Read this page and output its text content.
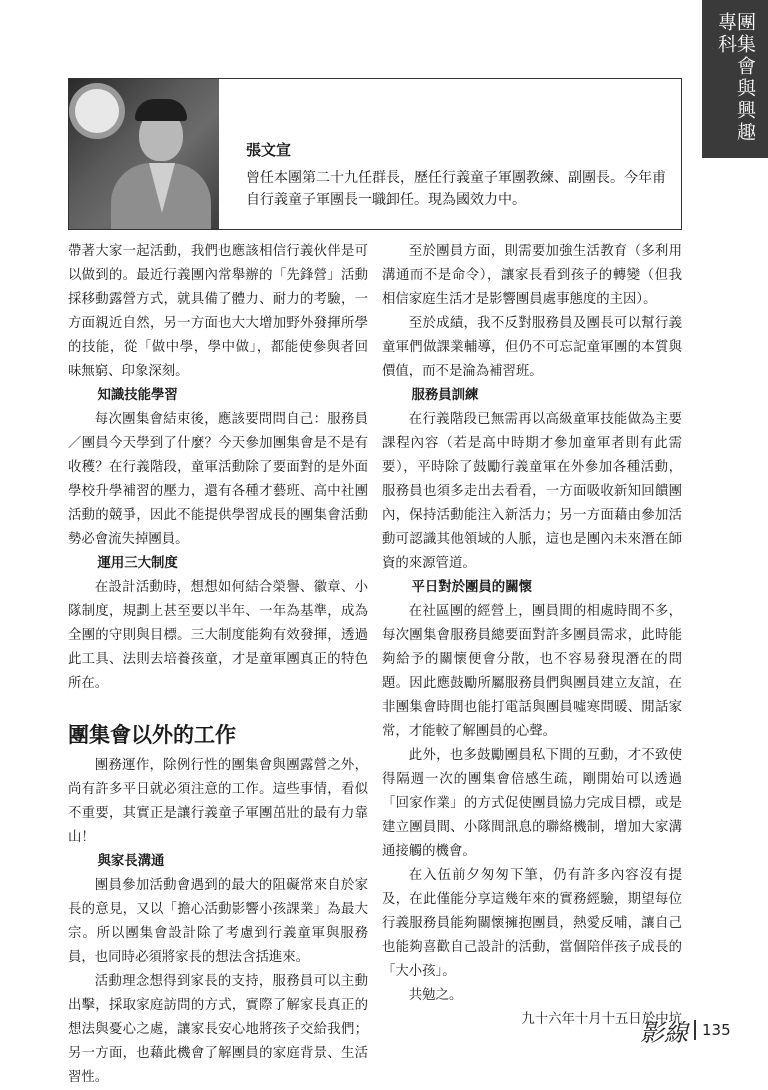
團集會與興趣專科
張文宣
曾任本團第二十九任群長，歷任行義童子軍團教練、副團長。今年甫自行義童子軍團長一職卸任。現為國效力中。

帶著大家一起活動，我們也應該相信行義伙伴是可以做到的。最近行義團內常舉辦的「先鋒營」活動採移動露營方式，就具備了體力、耐力的考驗，一方面親近自然，另一方面也大大增加野外發揮所學的技能，從「做中學，學中做」，都能使參與者回味無窮、印象深刻。

知識技能學習

每次團集會結束後，應該要問問自己：服務員／團員今天學到了什麼？今天參加團集會是不是有收穫？在行義階段，童軍活動除了要面對的是外面學校升學補習的壓力，還有各種才藝班、高中社團活動的競爭，因此不能提供學習成長的團集會活動勢必會流失掉團員。

運用三大制度

在設計活動時，想想如何結合榮譽、徽章、小隊制度，規劃上甚至要以半年、一年為基準，成為全團的守則與目標。三大制度能夠有效發揮，透過此工具、法則去培養孩童，才是童軍團真正的特色所在。

團集會以外的工作

團務運作，除例行性的團集會與團露營之外，尚有許多平日就必須注意的工作。這些事情，看似不重要，其實正是讓行義童子軍團茁壯的最有力靠山！

與家長溝通

團員參加活動會遇到的最大的阻礙常來自於家長的意見，又以「擔心活動影響小孩課業」為最大宗。所以團集會設計除了考慮到行義童軍與服務員，也同時必須將家長的想法含括進來。

活動理念想得到家長的支持，服務員可以主動出擊，採取家庭訪問的方式，實際了解家長真正的想法與憂心之處，讓家長安心地將孩子交給我們；另一方面，也藉此機會了解團員的家庭背景、生活習性。

至於團員方面，則需要加強生活教育（多利用溝通而不是命令），讓家長看到孩子的轉變（但我相信家庭生活才是影響團員處事態度的主因）。

至於成績，我不反對服務員及團長可以幫行義童軍們做課業輔導，但仍不可忘記童軍團的本質與價值，而不是淪為補習班。

服務員訓練

在行義階段已無需再以高級童軍技能做為主要課程內容（若是高中時期才參加童軍者則有此需要），平時除了鼓勵行義童軍在外參加各種活動，服務員也須多走出去看看，一方面吸收新知回饋團內，保持活動能注入新活力；另一方面藉由參加活動可認識其他領域的人脈，這也是團內未來潛在師資的來源管道。

平日對於團員的關懷

在社區團的經營上，團員間的相處時間不多，每次團集會服務員總要面對許多團員需求，此時能夠給予的關懷便會分散，也不容易發現潛在的問題。因此應鼓勵所屬服務員們與團員建立友誼，在非團集會時間也能打電話與團員噓寒問暖、閒話家常，才能較了解團員的心聲。

此外，也多鼓勵團員私下間的互動，才不致使得隔週一次的團集會倍感生疏，剛開始可以透過「回家作業」的方式促使團員協力完成目標，或是建立團員間、小隊間訊息的聯絡機制，增加大家溝通接觸的機會。

在入伍前夕匆匆下筆，仍有許多內容沒有提及，在此僅能分享這幾年來的實務經驗，期望每位行義服務員能夠關懷擁抱團員，熱愛反哺，讓自己也能夠喜歡自己設計的活動，當個陪伴孩子成長的「大小孩」。

共勉之。

九十六年十月十五日於中坑

影線 135
